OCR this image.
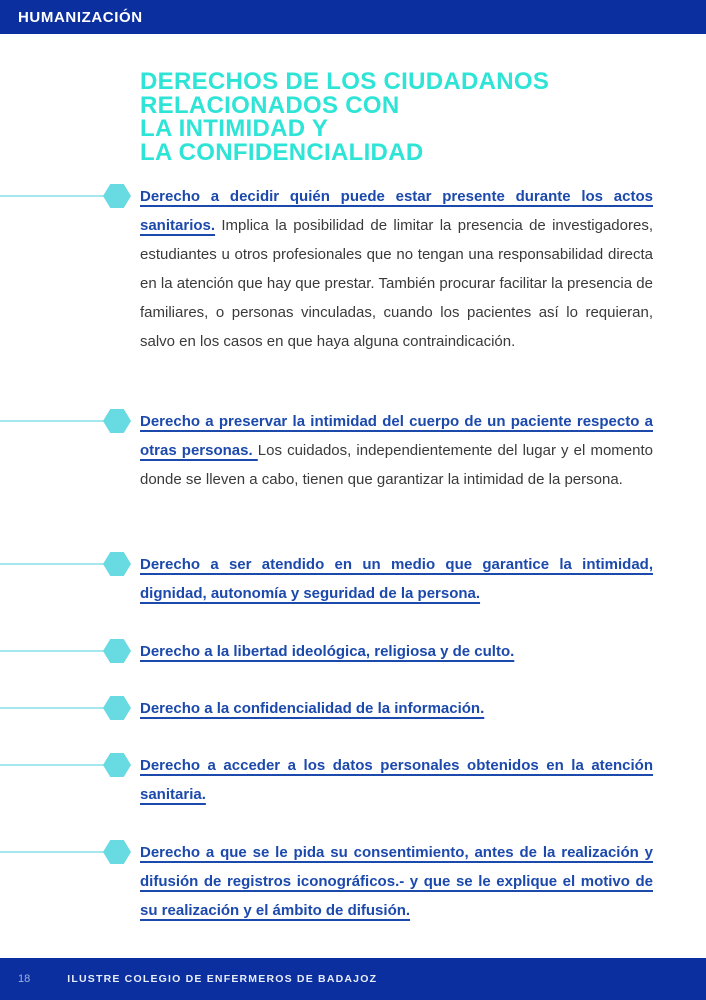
HUMANIZACIÓN
DERECHOS DE LOS CIUDADANOS
RELACIONADOS CON
LA INTIMIDAD Y
LA CONFIDENCIALIDAD

Derecho a decidir quién puede estar presente durante los actos sanitarios. Implica la posibilidad de limitar la presencia de investigadores, estudiantes u otros profesionales que no tengan una responsabilidad directa en la atención que hay que prestar. También procurar facilitar la presencia de familiares, o personas vinculadas, cuando los pacientes así lo requieran, salvo en los casos en que haya alguna contraindicación.

Derecho a preservar la intimidad del cuerpo de un paciente respecto a otras personas. Los cuidados, independientemente del lugar y el momento donde se lleven a cabo, tienen que garantizar la intimidad de la persona.

Derecho a ser atendido en un medio que garantice la intimidad, dignidad, autonomía y seguridad de la persona.

Derecho a la libertad ideológica, religiosa y de culto.

Derecho a la confidencialidad de la información.

Derecho a acceder a los datos personales obtenidos en la atención sanitaria.

Derecho a que se le pida su consentimiento, antes de la realización y difusión de registros iconográficos.- y que se le explique el motivo de su realización y el ámbito de difusión.

18	ILUSTRE COLEGIO DE ENFERMEROS DE BADAJOZ
